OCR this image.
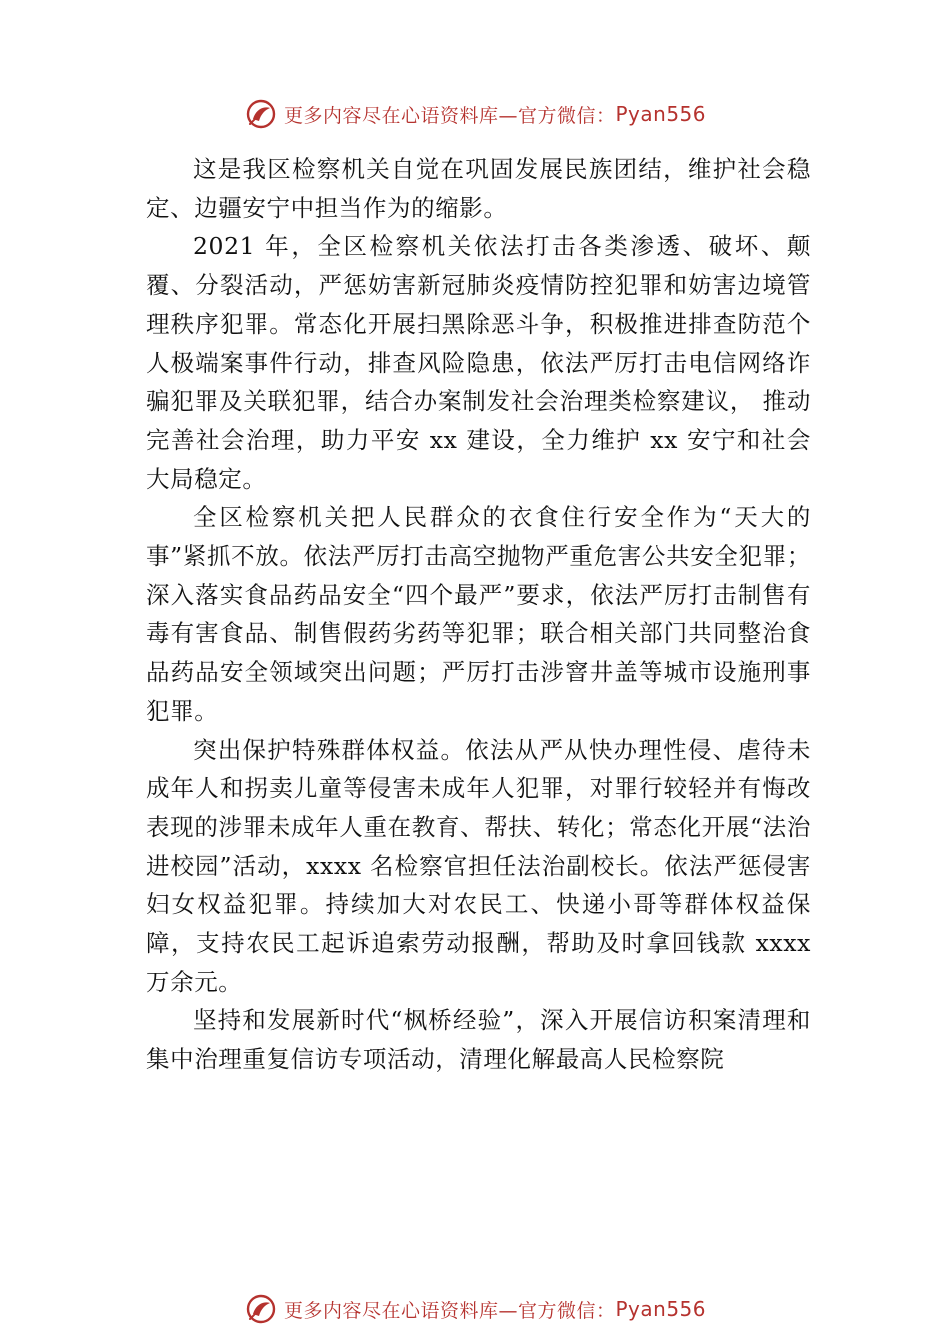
更多内容尽在心语资料库—官方微信： Pyan556

这是我区检察机关自觉在巩固发展民族团结，维护社会稳定、边疆安宁中担当作为的缩影。

2021 年，全区检察机关依法打击各类渗透、破坏、颠覆、分裂活动，严惩妨害新冠肺炎疫情防控犯罪和妨害边境管理秩序犯罪。常态化开展扫黑除恶斗争，积极推进排查防范个人极端案事件行动，排查风险隐患，依法严厉打击电信网络诈骗犯罪及关联犯罪，结合办案制发社会治理类检察建议， 推动完善社会治理，助力平安 xx 建设，全力维护 xx 安宁和社会大局稳定。

全区检察机关把人民群众的衣食住行安全作为“天大的事”紧抓不放。依法严厉打击高空抛物严重危害公共安全犯罪；深入落实食品药品安全“四个最严”要求，依法严厉打击制售有毒有害食品、制售假药劣药等犯罪；联合相关部门共同整治食品药品安全领域突出问题；严厉打击涉窨井盖等城市设施刑事犯罪。

突出保护特殊群体权益。依法从严从快办理性侵、虐待未成年人和拐卖儿童等侵害未成年人犯罪，对罪行较轻并有悔改表现的涉罪未成年人重在教育、帮扶、转化；常态化开展“法治进校园”活动，xxxx 名检察官担任法治副校长。依法严惩侵害妇女权益犯罪。持续加大对农民工、快递小哥等群体权益保障，支持农民工起诉追索劳动报酬，帮助及时拿回钱款 xxxx 万余元。

坚持和发展新时代“枫桥经验”，深入开展信访积案清理和集中治理重复信访专项活动，清理化解最高人民检察院

更多内容尽在心语资料库—官方微信： Pyan556
